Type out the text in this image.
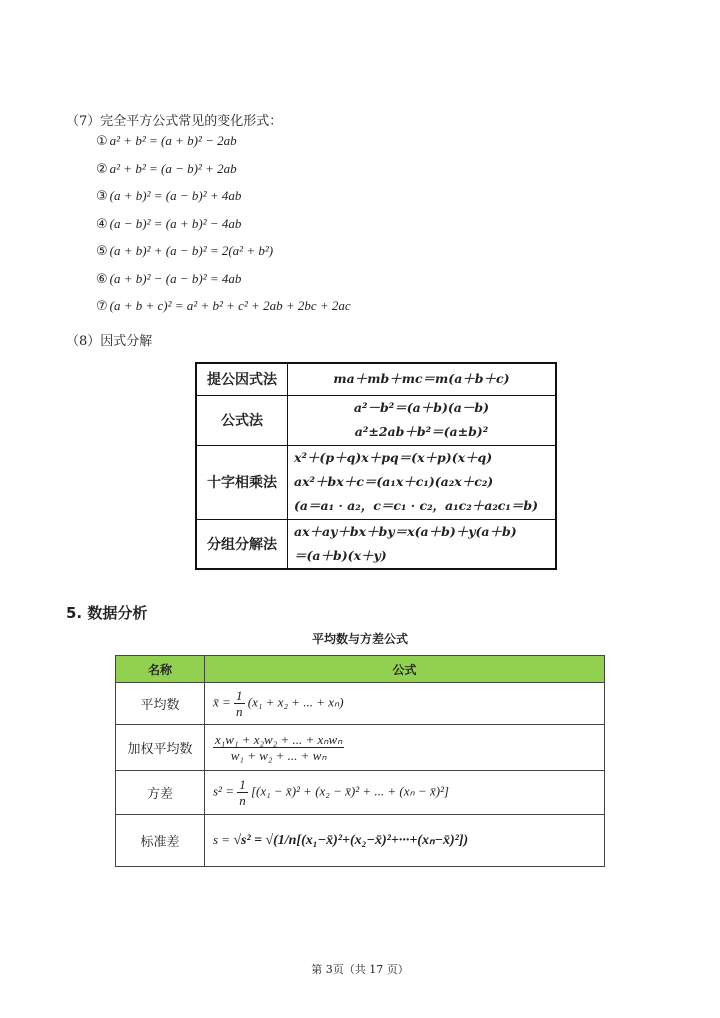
（7）完全平方公式常见的变化形式：
① a² + b² = (a + b)² − 2ab
② a² + b² = (a − b)² + 2ab
③ (a + b)² = (a − b)² + 4ab
④ (a − b)² = (a + b)² − 4ab
⑤ (a + b)² + (a − b)² = 2(a² + b²)
⑥ (a + b)² − (a − b)² = 4ab
⑦ (a + b + c)² = a² + b² + c² + 2ab + 2bc + 2ac
（8）因式分解
提公因式法	ma＋mb＋mc＝m(a＋b＋c)

公式法	a²－b²＝(a＋b)(a－b)
a²±2ab＋b²＝(a±b)²

十字相乘法	x²＋(p＋q)x＋pq＝(x＋p)(x＋q)
ax²＋bx＋c＝(a₁x＋c₁)(a₂x＋c₂)
(a＝a₁ · a₂，c＝c₁ · c₂，a₁c₂＋a₂c₁＝b)

分组分解法	ax＋ay＋bx＋by＝x(a＋b)＋y(a＋b)
＝(a＋b)(x＋y)
5. 数据分析
平均数与方差公式
名称	公式
平均数	x̄ = $\frac{1}{n} (x_1 + x_2$ + ... + xₙ)
加权平均数	$\frac{\text{x₁w₁ + x₂w₂ + ... + xₙwₙ}}{\text{w₁ + w₂ + ... + wₙ}}$

方差	$s^2 = \frac{1}{n} [(x_1$ − x̄)² + (x₂ − x̄)² + ... + (xₙ − x̄)²]
标准差	s = √s² = √(1/n[(x₁−x̄)²+(x₂−x̄)²+···+(xₙ−x̄)²])
第 3页（共 17 页）
